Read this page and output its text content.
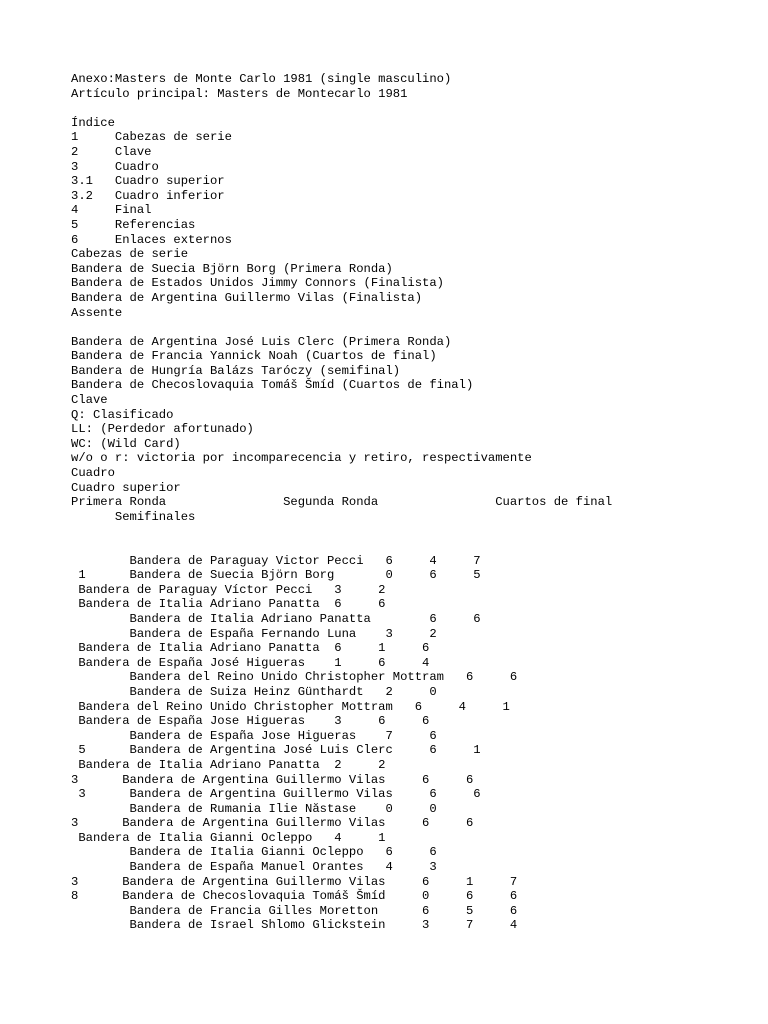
Anexo:Masters de Monte Carlo 1981 (single masculino)
Artículo principal: Masters de Montecarlo 1981

Índice
1     Cabezas de serie
2     Clave
3     Cuadro
3.1   Cuadro superior
3.2   Cuadro inferior
4     Final
5     Referencias
6     Enlaces externos
Cabezas de serie
Bandera de Suecia Björn Borg (Primera Ronda)
Bandera de Estados Unidos Jimmy Connors (Finalista)
Bandera de Argentina Guillermo Vilas (Finalista)
Assente

Bandera de Argentina José Luis Clerc (Primera Ronda)
Bandera de Francia Yannick Noah (Cuartos de final)
Bandera de Hungría Balázs Taróczy (semifinal)
Bandera de Checoslovaquia Tomáš Šmíd (Cuartos de final)
Clave
Q: Clasificado
LL: (Perdedor afortunado)
WC: (Wild Card)
w/o o r: victoria por incomparecencia y retiro, respectivamente
Cuadro
Cuadro superior
Primera Ronda                Segunda Ronda                Cuartos de final
Semifinales

Bandera de Paraguay Victor Pecci   6     4     7
1      Bandera de Suecia Björn Borg       0     6     5
Bandera de Paraguay Víctor Pecci   3     2
Bandera de Italia Adriano Panatta  6     6
Bandera de Italia Adriano Panatta        6     6
Bandera de España Fernando Luna    3     2
Bandera de Italia Adriano Panatta  6     1     6
Bandera de España José Higueras    1     6     4
Bandera del Reino Unido Christopher Mottram   6     6
Bandera de Suiza Heinz Günthardt   2     0
Bandera del Reino Unido Christopher Mottram   6     4     1
Bandera de España Jose Higueras    3     6     6
Bandera de España Jose Higueras    7     6
5      Bandera de Argentina José Luis Clerc     6     1
Bandera de Italia Adriano Panatta  2     2
3      Bandera de Argentina Guillermo Vilas     6     6
3      Bandera de Argentina Guillermo Vilas     6     6
Bandera de Rumania Ilie Năstase    0     0
3      Bandera de Argentina Guillermo Vilas     6     6
Bandera de Italia Gianni Ocleppo   4     1
Bandera de Italia Gianni Ocleppo   6     6
Bandera de España Manuel Orantes   4     3
3      Bandera de Argentina Guillermo Vilas     6     1     7
8      Bandera de Checoslovaquia Tomáš Šmíd     0     6     6
Bandera de Francia Gilles Moretton      6     5     6
Bandera de Israel Shlomo Glickstein     3     7     4
